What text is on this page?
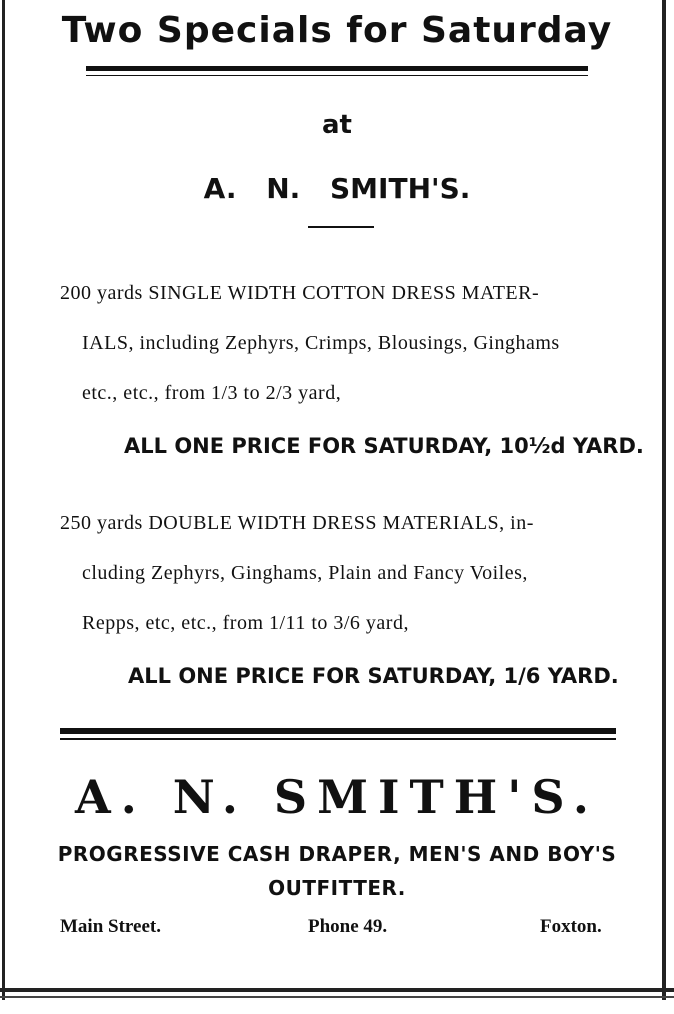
Two Specials for Saturday
at
A. N. SMITH'S.
200 yards SINGLE WIDTH COTTON DRESS MATER-
IALS, including Zephyrs, Crimps, Blousings, Ginghams
etc., etc., from 1/3 to 2/3 yard,
ALL ONE PRICE FOR SATURDAY, 10½d YARD.
250 yards DOUBLE WIDTH DRESS MATERIALS, in-
cluding Zephyrs, Ginghams, Plain and Fancy Voiles,
Repps, etc, etc., from 1/11 to 3/6 yard,
ALL ONE PRICE FOR SATURDAY, 1/6 YARD.
A. N. SMITH'S.
PROGRESSIVE CASH DRAPER, MEN'S AND BOY'S
OUTFITTER.
Main Street.	Phone 49.	Foxton.
